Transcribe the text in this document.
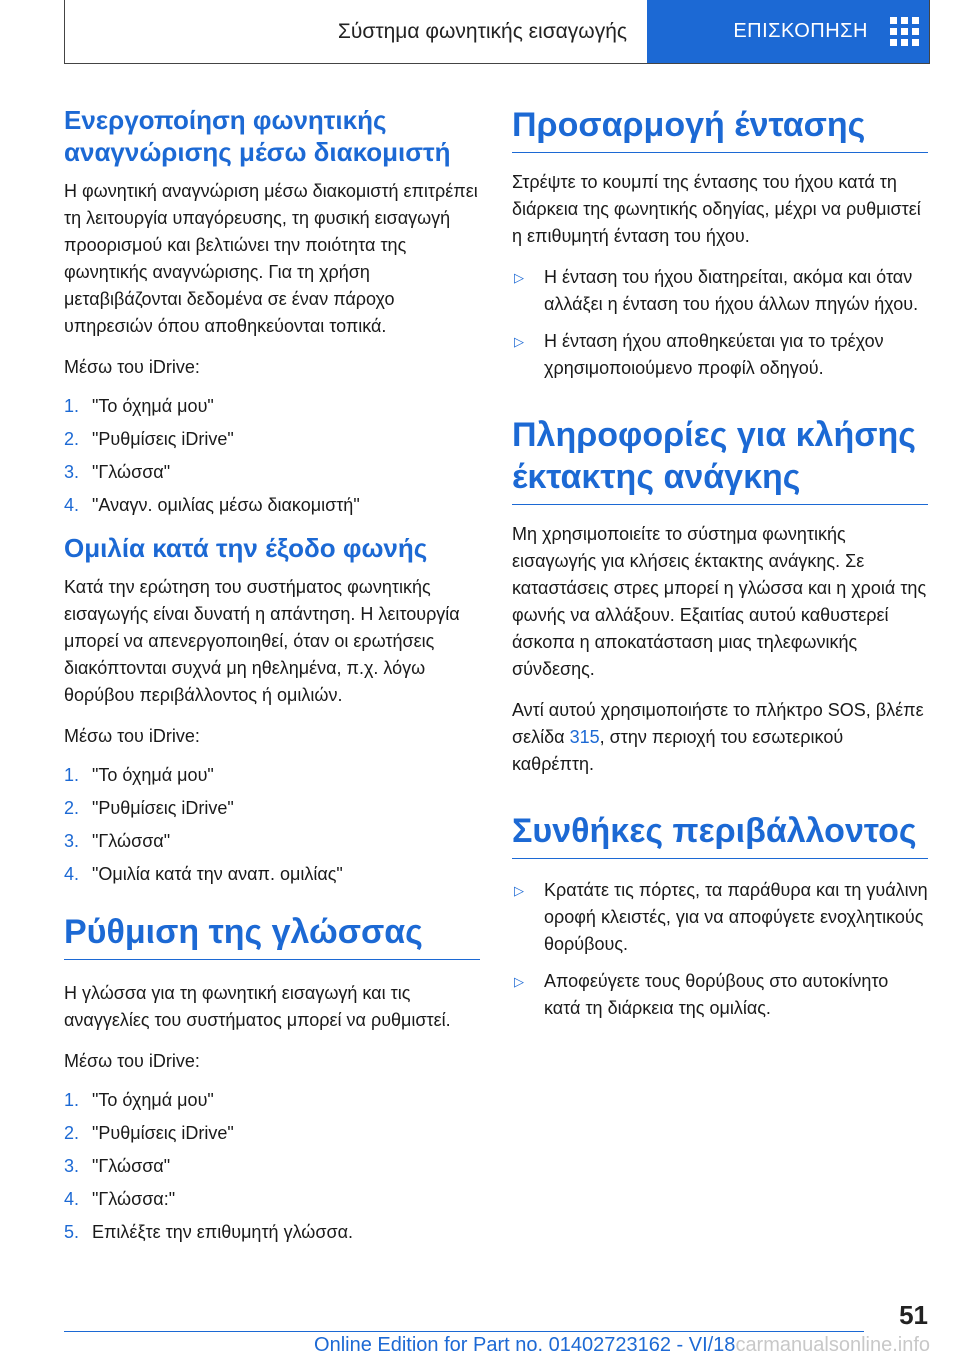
Σύστημα φωνητικής εισαγωγής	ΕΠΙΣΚΟΠΗΣΗ
Ενεργοποίηση φωνητικής αναγνώρισης μέσω διακομιστή

Η φωνητική αναγνώριση μέσω διακομιστή επιτρέπει τη λειτουργία υπαγόρευσης, τη φυσική εισαγωγή προορισμού και βελτιώνει την ποιότητα της φωνητικής αναγνώρισης. Για τη χρήση μεταβιβάζονται δεδομένα σε έναν πάροχο υπηρεσιών όπου αποθηκεύονται τοπικά.

Μέσω του iDrive:

1. "Το όχημά μου"
2. "Ρυθμίσεις iDrive"
3. "Γλώσσα"
4. "Αναγν. ομιλίας μέσω διακομιστή"
Ομιλία κατά την έξοδο φωνής

Κατά την ερώτηση του συστήματος φωνητικής εισαγωγής είναι δυνατή η απάντηση. Η λειτουργία μπορεί να απενεργοποιηθεί, όταν οι ερωτήσεις διακόπτονται συχνά μη ηθελημένα, π.χ. λόγω θορύβου περιβάλλοντος ή ομιλιών.

Μέσω του iDrive:

1. "Το όχημά μου"
2. "Ρυθμίσεις iDrive"
3. "Γλώσσα"
4. "Ομιλία κατά την αναπ. ομιλίας"
Ρύθμιση της γλώσσας

Η γλώσσα για τη φωνητική εισαγωγή και τις αναγγελίες του συστήματος μπορεί να ρυθμιστεί.

Μέσω του iDrive:

1. "Το όχημά μου"
2. "Ρυθμίσεις iDrive"
3. "Γλώσσα"
4. "Γλώσσα:"
5. Επιλέξτε την επιθυμητή γλώσσα.
Προσαρμογή έντασης

Στρέψτε το κουμπί της έντασης του ήχου κατά τη διάρκεια της φωνητικής οδηγίας, μέχρι να ρυθμιστεί η επιθυμητή ένταση του ήχου.

▷	Η ένταση του ήχου διατηρείται, ακόμα και όταν αλλάξει η ένταση του ήχου άλλων πηγών ήχου.
▷	Η ένταση ήχου αποθηκεύεται για το τρέχον χρησιμοποιούμενο προφίλ οδηγού.
Πληροφορίες για κλήσης έκτακτης ανάγκης

Μη χρησιμοποιείτε το σύστημα φωνητικής εισαγωγής για κλήσεις έκτακτης ανάγκης. Σε καταστάσεις στρες μπορεί η γλώσσα και η χροιά της φωνής να αλλάξουν. Εξαιτίας αυτού καθυστερεί άσκοπα η αποκατάσταση μιας τηλεφωνικής σύνδεσης.

Αντί αυτού χρησιμοποιήστε το πλήκτρο SOS, βλέπε σελίδα 315, στην περιοχή του εσωτερικού καθρέπτη.

Συνθήκες περιβάλλοντος
▷	Κρατάτε τις πόρτες, τα παράθυρα και τη γυάλινη οροφή κλειστές, για να αποφύγετε ενοχλητικούς θορύβους.
▷	Αποφεύγετε τους θορύβους στο αυτοκίνητο κατά τη διάρκεια της ομιλίας.
51
Online Edition for Part no. 01402723162 - VI/18carmanualsonline.info
